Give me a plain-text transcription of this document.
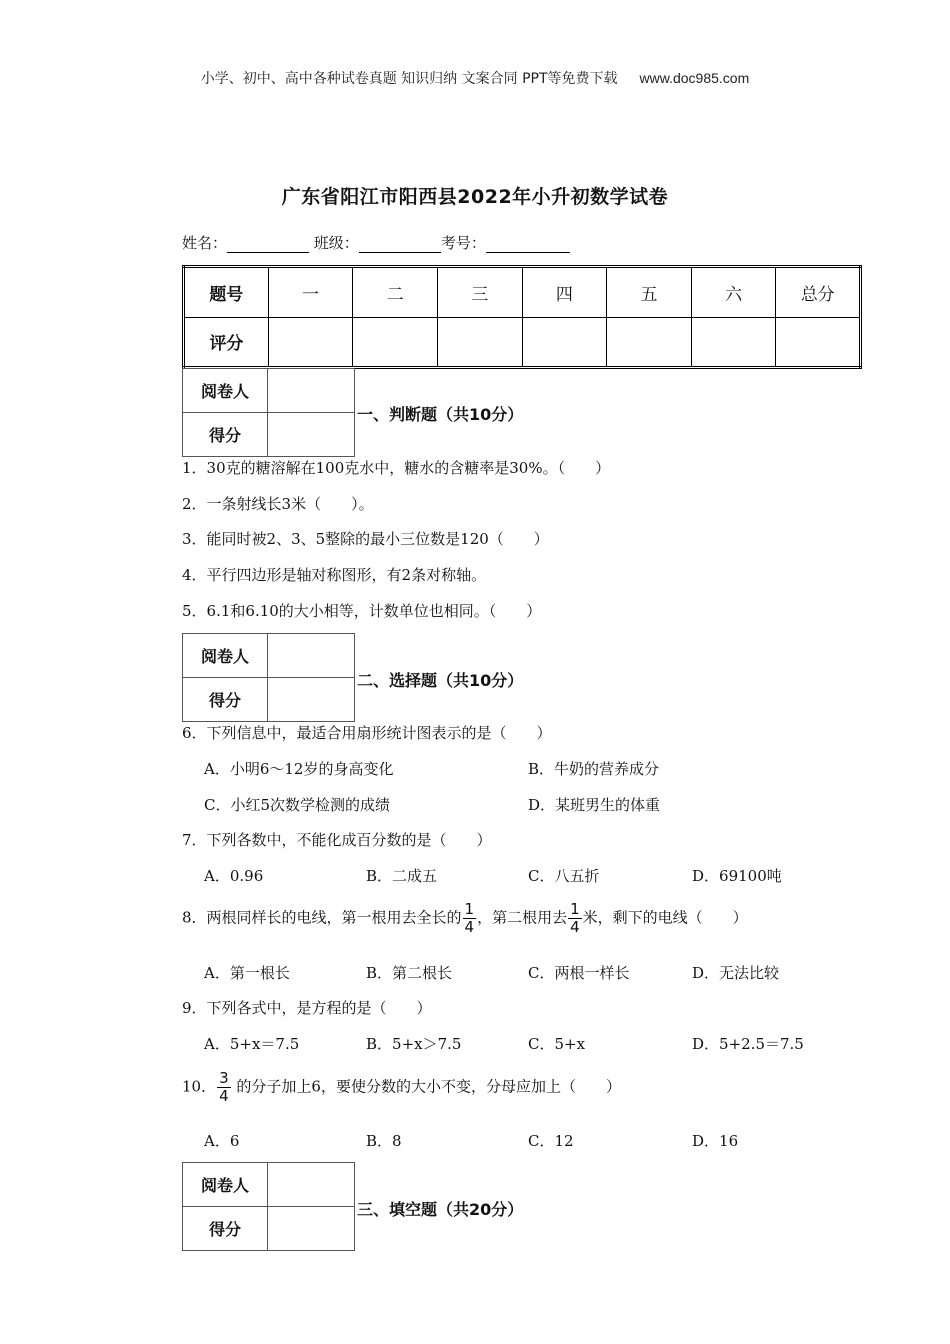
小学、初中、高中各种试卷真题 知识归纳 文案合同 PPT等免费下载 www.doc985.com
广东省阳江市阳西县2022年小升初数学试卷
姓名：	班级：	考号：
题号	一	二	三	四	五	六	总分
评分							
阅卷人	
得分	
一、判断题（共10分）
1．30克的糖溶解在100克水中，糖水的含糖率是30%。（　　）
2．一条射线长3米（　　）。
3．能同时被2、3、5整除的最小三位数是120（　　）
4．平行四边形是轴对称图形，有2条对称轴。
5．6.1和6.10的大小相等，计数单位也相同。（　　）
阅卷人	
得分	
二、选择题（共10分）
6．下列信息中，最适合用扇形统计图表示的是（　　）
A．小明6～12岁的身高变化	B．牛奶的营养成分
C．小红5次数学检测的成绩	D．某班男生的体重
7．下列各数中，不能化成百分数的是（　　）
A．0.96	B．二成五	C．八五折	D．69100吨
8．两根同样长的电线，第一根用去全长的 $\frac{1}{4}$ ，第二根用去 $\frac{1}{4}$ 米，剩下的电线（　　）
A．第一根长	B．第二根长	C．两根一样长	D．无法比较
9．下列各式中，是方程的是（　　）
A．5+x＝7.5	B．5+x＞7.5	C．5+x	D．5+2.5＝7.5
10． $\frac{3}{4}$ 的分子加上6，要使分数的大小不变，分母应加上（　　）
A．6	B．8	C．12	D．16
阅卷人	
得分	
三、填空题（共20分）
